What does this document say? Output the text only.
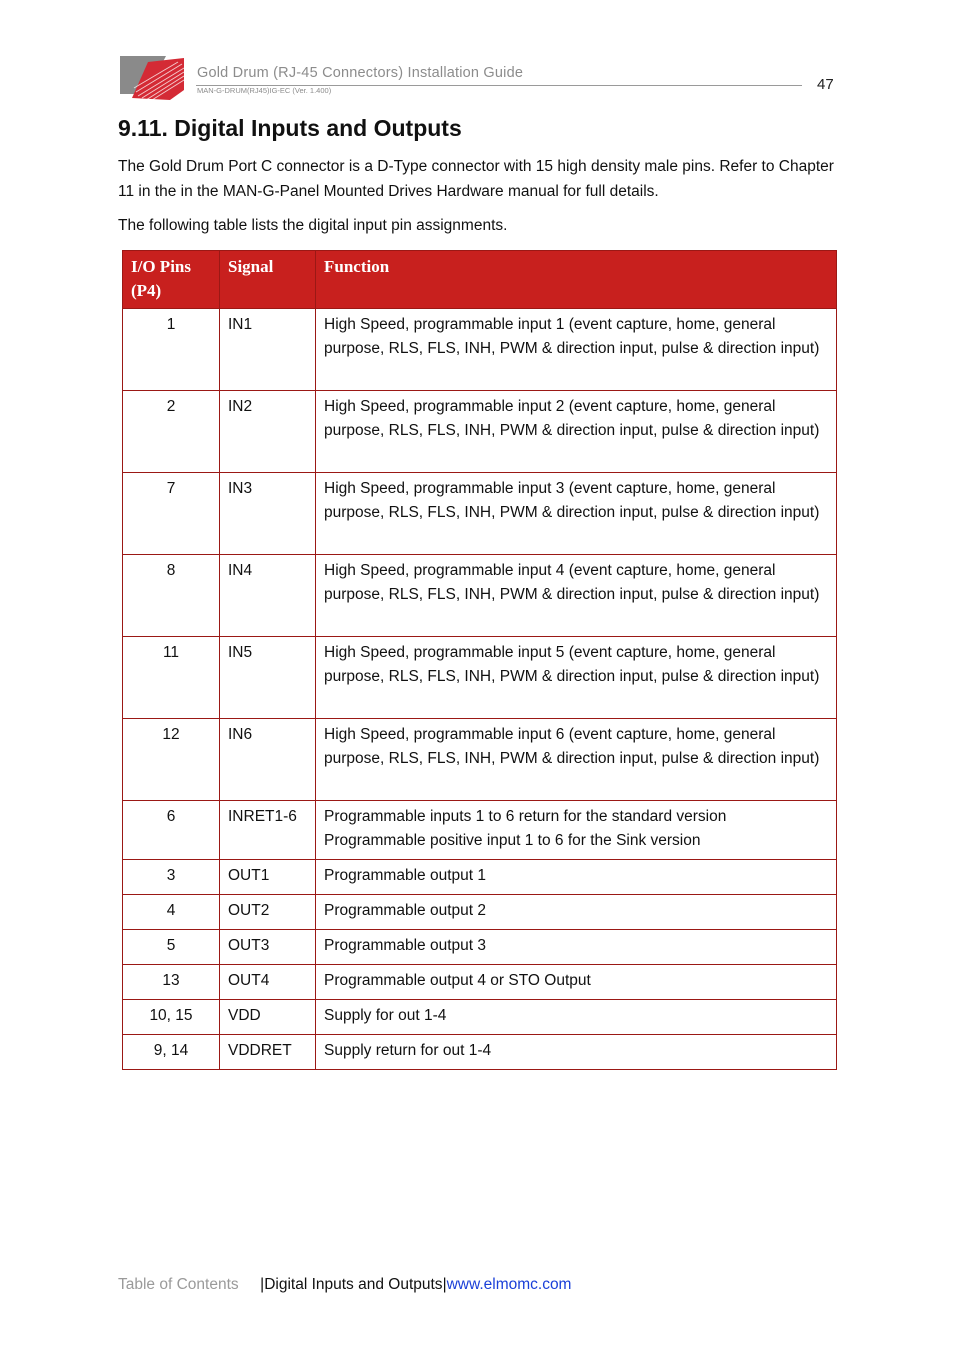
Gold Drum (RJ-45 Connectors) Installation Guide
MAN-G-DRUM(RJ45)IG-EC (Ver. 1.400)	47
9.11. Digital Inputs and Outputs

The Gold Drum Port C connector is a D-Type connector with 15 high density male pins. Refer to Chapter 11 in the in the MAN-G-Panel Mounted Drives Hardware manual for full details.

The following table lists the digital input pin assignments.

I/O Pins (P4)	Signal	Function
1	IN1	High Speed, programmable input 1 (event capture, home, general purpose, RLS, FLS, INH, PWM & direction input, pulse & direction input)
2	IN2	High Speed, programmable input 2 (event capture, home, general purpose, RLS, FLS, INH, PWM & direction input, pulse & direction input)
7	IN3	High Speed, programmable input 3 (event capture, home, general purpose, RLS, FLS, INH, PWM & direction input, pulse & direction input)
8	IN4	High Speed, programmable input 4 (event capture, home, general purpose, RLS, FLS, INH, PWM & direction input, pulse & direction input)
11	IN5	High Speed, programmable input 5 (event capture, home, general purpose, RLS, FLS, INH, PWM & direction input, pulse & direction input)
12	IN6	High Speed, programmable input 6 (event capture, home, general purpose, RLS, FLS, INH, PWM & direction input, pulse & direction input)
6	INRET1-6	Programmable inputs 1 to 6 return for the standard version
Programmable positive input 1 to 6 for the Sink version

3	OUT1	Programmable output 1
4	OUT2	Programmable output 2
5	OUT3	Programmable output 3
13	OUT4	Programmable output 4 or STO Output
10, 15	VDD	Supply for out 1-4
9, 14	VDDRET	Supply return for out 1-4
Table of Contents     |Digital Inputs and Outputs|www.elmomc.com
